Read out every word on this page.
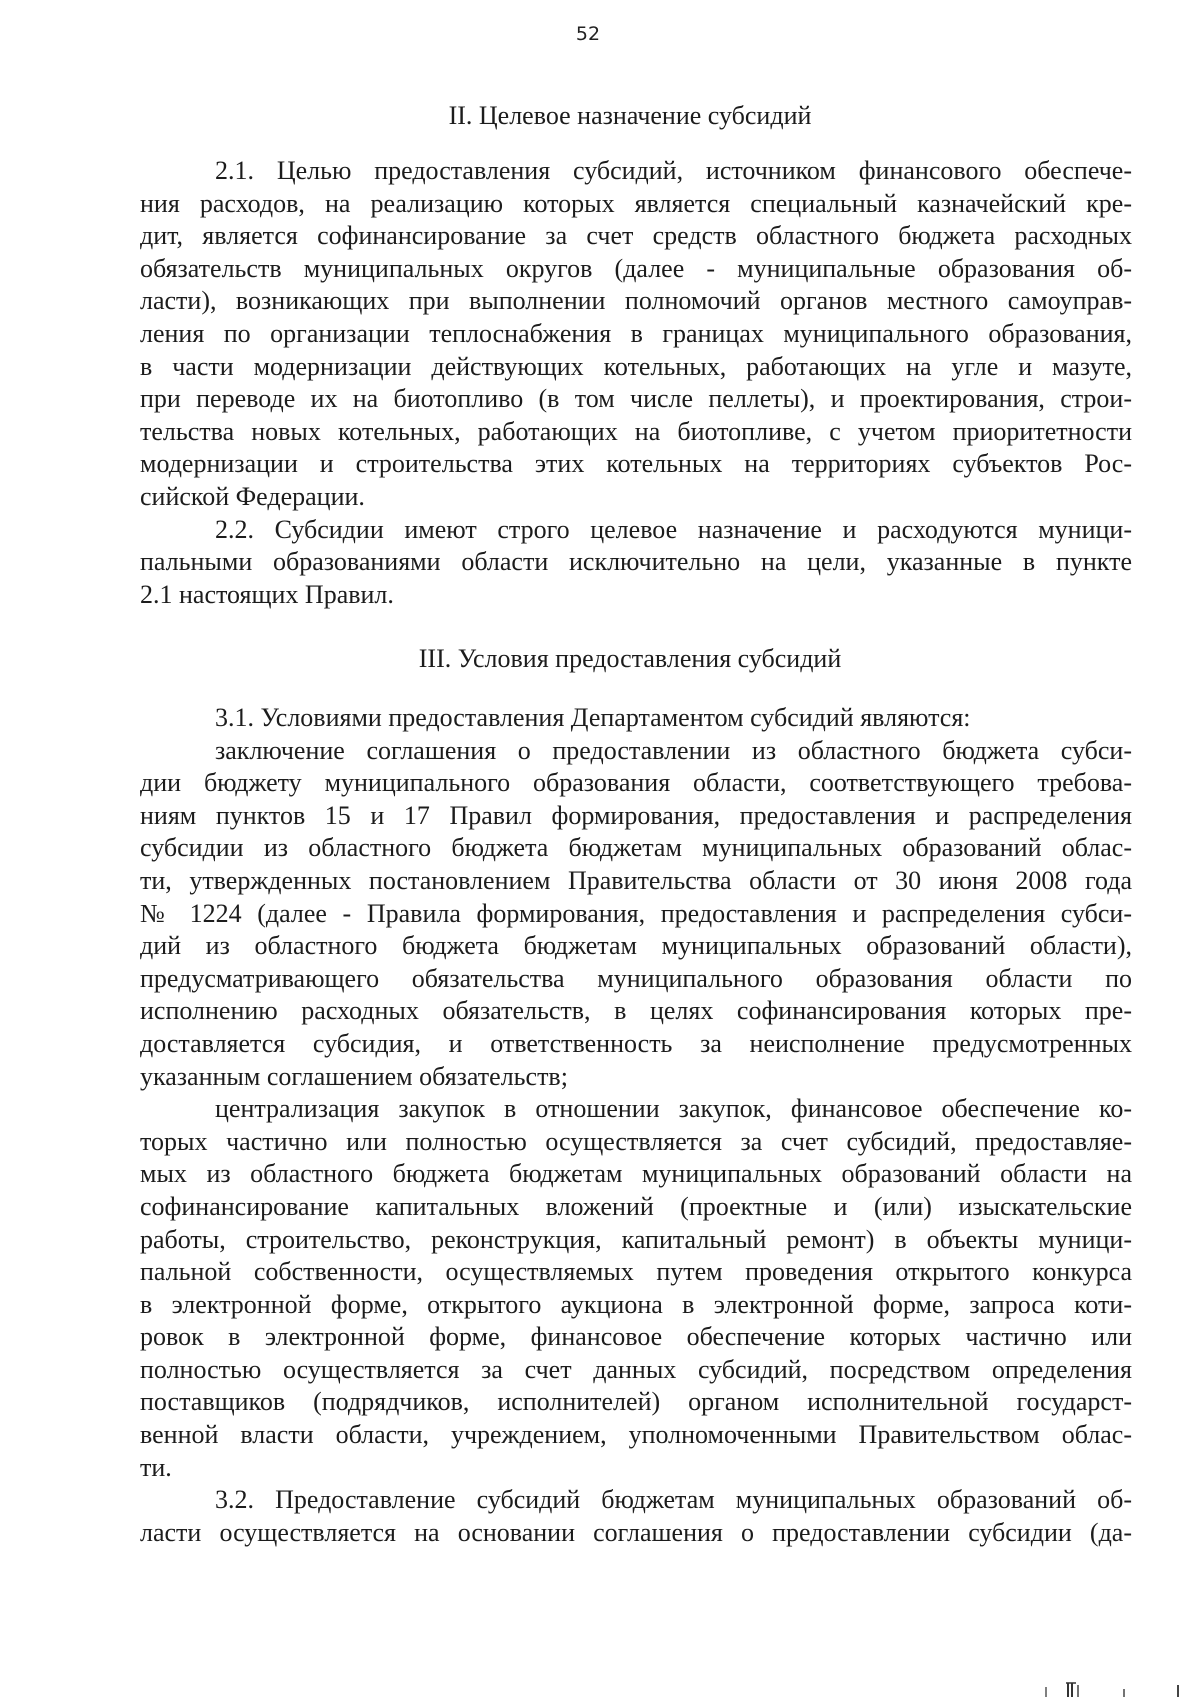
52
II. Целевое назначение субсидий
2.1. Целью предоставления субсидий, источником финансового обеспече-
ния расходов, на реализацию которых является специальный казначейский кре-
дит, является софинансирование за счет средств областного бюджета расходных
обязательств муниципальных округов (далее - муниципальные образования об-
ласти), возникающих при выполнении полномочий органов местного самоуправ-
ления по организации теплоснабжения в границах муниципального образования,
в части модернизации действующих котельных, работающих на угле и мазуте,
при переводе их на биотопливо (в том числе пеллеты), и проектирования, строи-
тельства новых котельных, работающих на биотопливе, с учетом приоритетности
модернизации и строительства этих котельных на территориях субъектов Рос-
сийской Федерации.
2.2. Субсидии имеют строго целевое назначение и расходуются муници-
пальными образованиями области исключительно на цели, указанные в пункте
2.1 настоящих Правил.
III. Условия предоставления субсидий
3.1. Условиями предоставления Департаментом субсидий являются:
заключение соглашения о предоставлении из областного бюджета субси-
дии бюджету муниципального образования области, соответствующего требова-
ниям пунктов 15 и 17 Правил формирования, предоставления и распределения
субсидии из областного бюджета бюджетам муниципальных образований облас-
ти, утвержденных постановлением Правительства области от 30 июня 2008 года
№ 1224 (далее - Правила формирования, предоставления и распределения субси-
дий из областного бюджета бюджетам муниципальных образований области),
предусматривающего обязательства муниципального образования области по
исполнению расходных обязательств, в целях софинансирования которых пре-
доставляется субсидия, и ответственность за неисполнение предусмотренных
указанным соглашением обязательств;
централизация закупок в отношении закупок, финансовое обеспечение ко-
торых частично или полностью осуществляется за счет субсидий, предоставляе-
мых из областного бюджета бюджетам муниципальных образований области на
софинансирование капитальных вложений (проектные и (или) изыскательские
работы, строительство, реконструкция, капитальный ремонт) в объекты муници-
пальной собственности, осуществляемых путем проведения открытого конкурса
в электронной форме, открытого аукциона в электронной форме, запроса коти-
ровок в электронной форме, финансовое обеспечение которых частично или
полностью осуществляется за счет данных субсидий, посредством определения
поставщиков (подрядчиков, исполнителей) органом исполнительной государст-
венной власти области, учреждением, уполномоченными Правительством облас-
ти.
3.2. Предоставление субсидий бюджетам муниципальных образований об-
ласти осуществляется на основании соглашения о предоставлении субсидии (да-
